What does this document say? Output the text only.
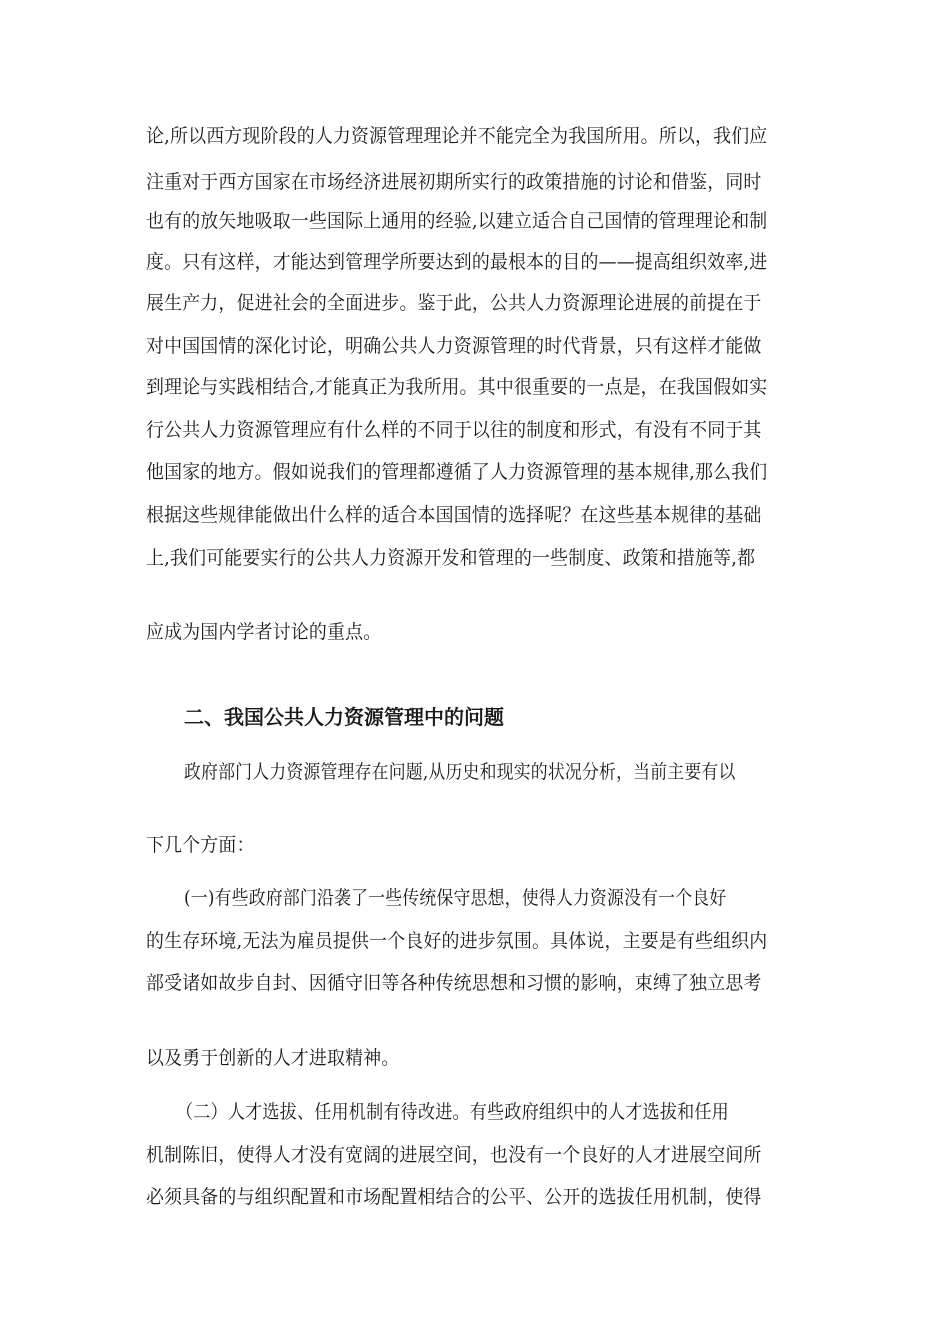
论,所以西方现阶段的人力资源管理理论并不能完全为我国所用。所以，我们应
注重对于西方国家在市场经济进展初期所实行的政策措施的讨论和借鉴，同时
也有的放矢地吸取一些国际上通用的经验,以建立适合自己国情的管理理论和制
度。只有这样，才能达到管理学所要达到的最根本的目的——提高组织效率,进
展生产力，促进社会的全面进步。鉴于此，公共人力资源理论进展的前提在于
对中国国情的深化讨论，明确公共人力资源管理的时代背景，只有这样才能做
到理论与实践相结合,才能真正为我所用。其中很重要的一点是，在我国假如实
行公共人力资源管理应有什么样的不同于以往的制度和形式，有没有不同于其
他国家的地方。假如说我们的管理都遵循了人力资源管理的基本规律,那么我们
根据这些规律能做出什么样的适合本国国情的选择呢？在这些基本规律的基础
上,我们可能要实行的公共人力资源开发和管理的一些制度、政策和措施等,都
应成为国内学者讨论的重点。
二、我国公共人力资源管理中的问题
政府部门人力资源管理存在问题,从历史和现实的状况分析，当前主要有以
下几个方面：
(一)有些政府部门沿袭了一些传统保守思想，使得人力资源没有一个良好
的生存环境,无法为雇员提供一个良好的进步氛围。具体说，主要是有些组织内
部受诸如故步自封、因循守旧等各种传统思想和习惯的影响，束缚了独立思考
以及勇于创新的人才进取精神。
（二）人才选拔、任用机制有待改进。有些政府组织中的人才选拔和任用
机制陈旧，使得人才没有宽阔的进展空间，也没有一个良好的人才进展空间所
必须具备的与组织配置和市场配置相结合的公平、公开的选拔任用机制，使得
